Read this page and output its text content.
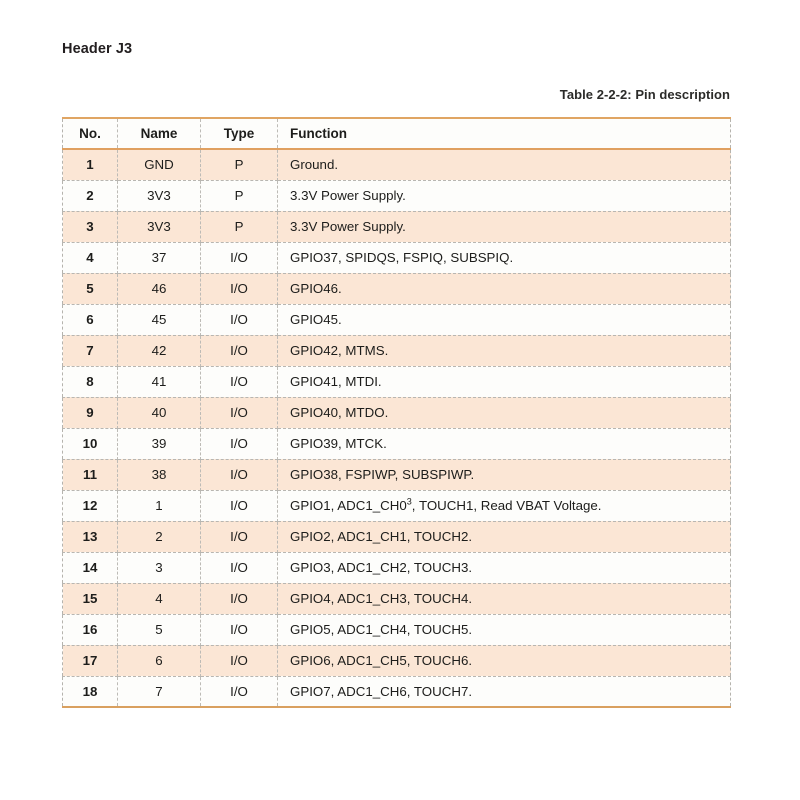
Header J3
Table 2-2-2: Pin description
No.	Name	Type	Function
1	GND	P	Ground.
2	3V3	P	3.3V Power Supply.
3	3V3	P	3.3V Power Supply.
4	37	I/O	GPIO37, SPIDQS, FSPIQ, SUBSPIQ.
5	46	I/O	GPIO46.
6	45	I/O	GPIO45.
7	42	I/O	GPIO42, MTMS.
8	41	I/O	GPIO41, MTDI.
9	40	I/O	GPIO40, MTDO.
10	39	I/O	GPIO39, MTCK.
11	38	I/O	GPIO38, FSPIWP, SUBSPIWP.
12	1	I/O	GPIO1, ADC1_CH0$^3$, TOUCH1, Read VBAT Voltage.
13	2	I/O	GPIO2, ADC1_CH1, TOUCH2.
14	3	I/O	GPIO3, ADC1_CH2, TOUCH3.
15	4	I/O	GPIO4, ADC1_CH3, TOUCH4.
16	5	I/O	GPIO5, ADC1_CH4, TOUCH5.
17	6	I/O	GPIO6, ADC1_CH5, TOUCH6.
18	7	I/O	GPIO7, ADC1_CH6, TOUCH7.
